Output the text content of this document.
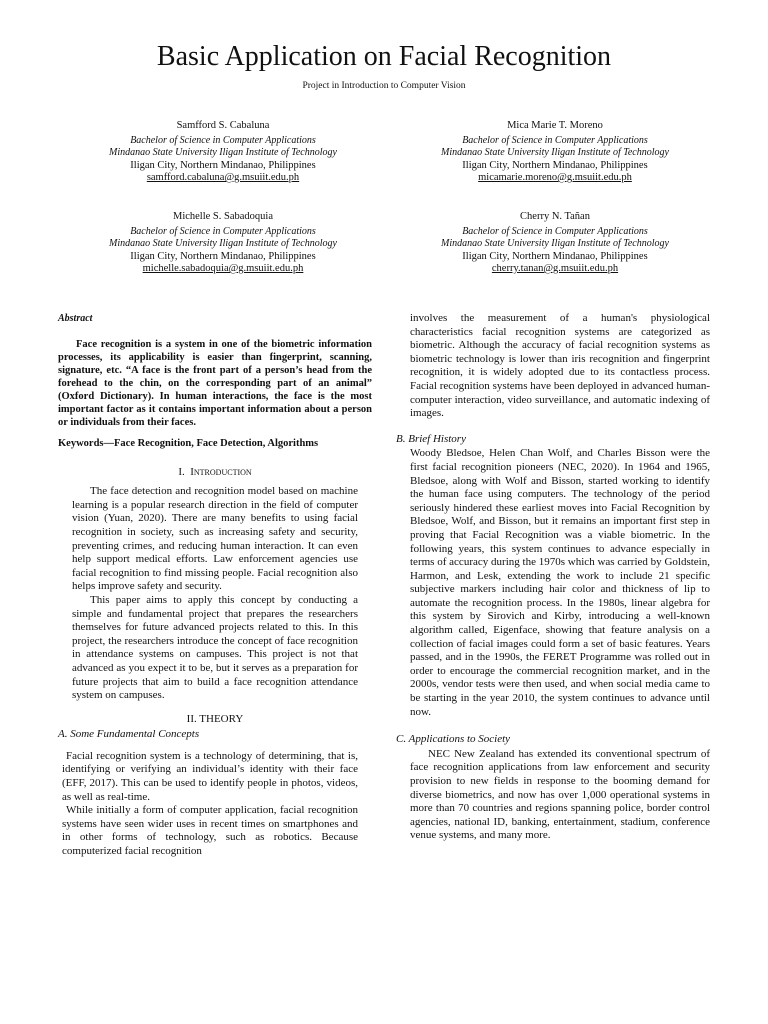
Basic Application on Facial Recognition
Project in Introduction to Computer Vision
Samfford S. Cabaluna
Bachelor of Science in Computer Applications
Mindanao State University Iligan Institute of Technology
Iligan City, Northern Mindanao, Philippines
samfford.cabaluna@g.msuiit.edu.ph
Mica Marie T. Moreno
Bachelor of Science in Computer Applications
Mindanao State University Iligan Institute of Technology
Iligan City, Northern Mindanao, Philippines
micamarie.moreno@g.msuiit.edu.ph
Michelle S. Sabadoquia
Bachelor of Science in Computer Applications
Mindanao State University Iligan Institute of Technology
Iligan City, Northern Mindanao, Philippines
michelle.sabadoquia@g.msuiit.edu.ph
Cherry N. Tañan
Bachelor of Science in Computer Applications
Mindanao State University Iligan Institute of Technology
Iligan City, Northern Mindanao, Philippines
cherry.tanan@g.msuiit.edu.ph

Abstract

Face recognition is a system in one of the biometric information processes, its applicability is easier than fingerprint, scanning, signature, etc. “A face is the front part of a person’s head from the forehead to the chin, on the corresponding part of an animal” (Oxford Dictionary). In human interactions, the face is the most important factor as it contains important information about a person or individuals from their faces.

Keywords—Face Recognition, Face Detection, Algorithms

I. Introduction

The face detection and recognition model based on machine learning is a popular research direction in the field of computer vision (Yuan, 2020). There are many benefits to using facial recognition in society, such as increasing safety and security, preventing crimes, and reducing human interaction. It can even help support medical efforts. Law enforcement agencies use facial recognition to find missing people. Facial recognition also helps improve safety and security.

This paper aims to apply this concept by conducting a simple and fundamental project that prepares the researchers themselves for future advanced projects related to this. In this project, the researchers introduce the concept of face recognition in attendance systems on campuses. This project is not that advanced as you expect it to be, but it serves as a preparation for future projects that aim to build a face recognition attendance system on campuses.

II. THEORY

A. Some Fundamental Concepts

Facial recognition system is a technology of determining, that is, identifying or verifying an individual’s identity with their face (EFF, 2017). This can be used to identify people in photos, videos, as well as real-time.

While initially a form of computer application, facial recognition systems have seen wider uses in recent times on smartphones and in other forms of technology, such as robotics. Because computerized facial recognition

involves the measurement of a human's physiological characteristics facial recognition systems are categorized as biometric. Although the accuracy of facial recognition systems as biometric technology is lower than iris recognition and fingerprint recognition, it is widely adopted due to its contactless process. Facial recognition systems have been deployed in advanced human-computer interaction, video surveillance, and automatic indexing of images.

B. Brief History

Woody Bledsoe, Helen Chan Wolf, and Charles Bisson were the first facial recognition pioneers (NEC, 2020). In 1964 and 1965, Bledsoe, along with Wolf and Bisson, started working to identify the human face using computers. The technology of the period seriously hindered these earliest moves into Facial Recognition by Bledsoe, Wolf, and Bisson, but it remains an important first step in proving that Facial Recognition was a viable biometric. In the following years, this system continues to advance especially in terms of accuracy during the 1970s which was carried by Goldstein, Harmon, and Lesk, extending the work to include 21 specific subjective markers including hair color and thickness of lip to automate the recognition process. In the 1980s, linear algebra for this system by Sirovich and Kirby, introducing a well-known algorithm called, Eigenface, showing that feature analysis on a collection of facial images could form a set of basic features. Years passed, and in the 1990s, the FERET Programme was rolled out in order to encourage the commercial recognition market, and in the 2000s, vendor tests were then used, and when social media came to be starting in the year 2010, the system continues to advance until now.

C. Applications to Society

NEC New Zealand has extended its conventional spectrum of face recognition applications from law enforcement and security provision to new fields in response to the booming demand for diverse biometrics, and now has over 1,000 operational systems in more than 70 countries and regions spanning police, border control agencies, national ID, banking, entertainment, stadium, conference venue systems, and many more.
